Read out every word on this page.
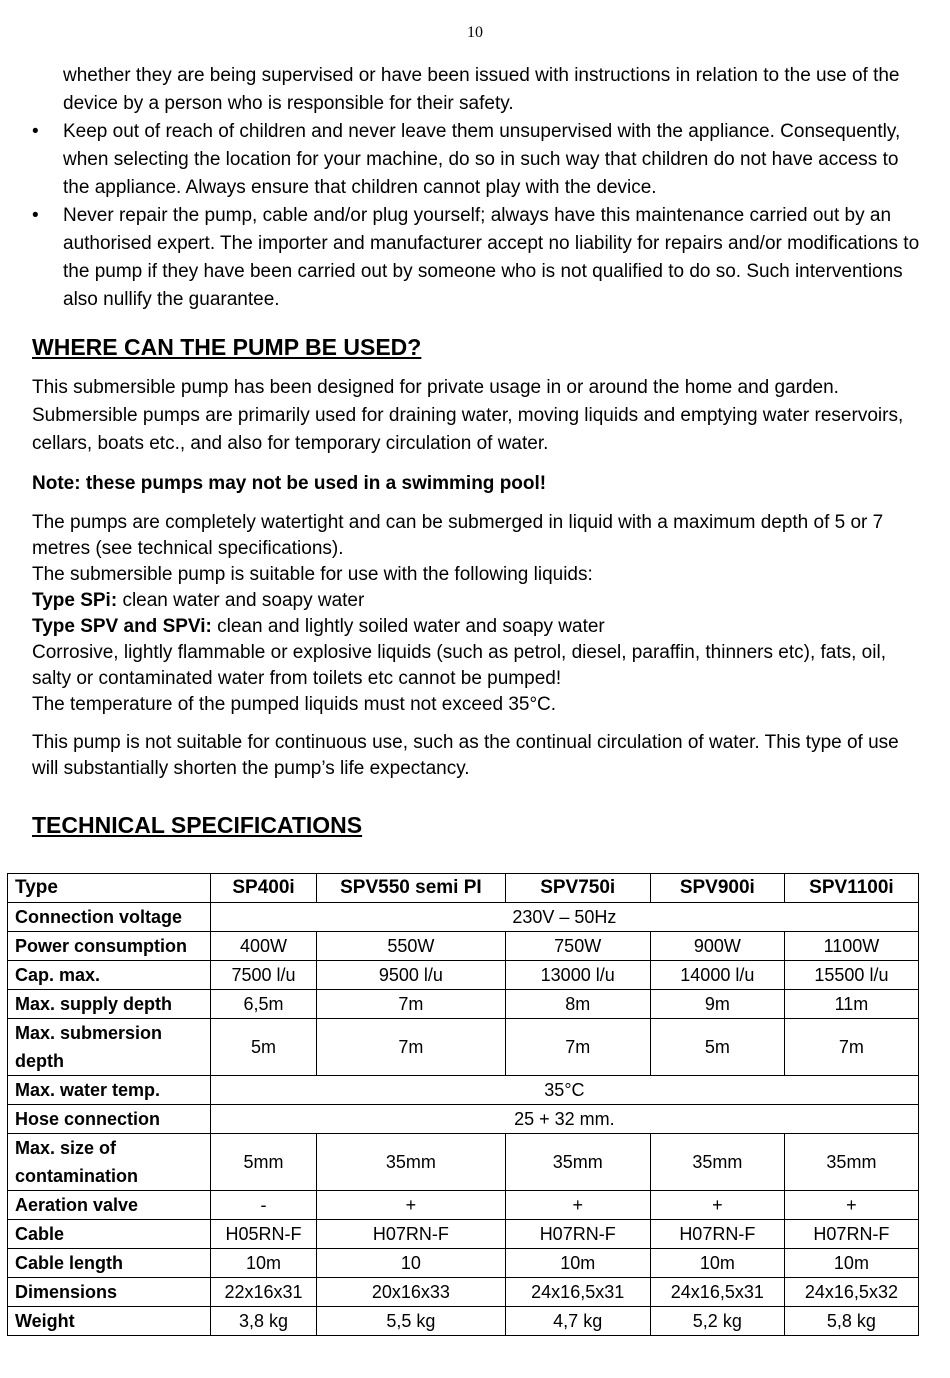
10

whether they are being supervised or have been issued with instructions in relation to the use of the device by a person who is responsible for their safety.

• Keep out of reach of children and never leave them unsupervised with the appliance. Consequently, when selecting the location for your machine, do so in such way that children do not have access to the appliance. Always ensure that children cannot play with the device.
• Never repair the pump, cable and/or plug yourself; always have this maintenance carried out by an authorised expert. The importer and manufacturer accept no liability for repairs and/or modifications to the pump if they have been carried out by someone who is not qualified to do so. Such interventions also nullify the guarantee.
WHERE CAN THE PUMP BE USED?

This submersible pump has been designed for private usage in or around the home and garden. Submersible pumps are primarily used for draining water, moving liquids and emptying water reservoirs, cellars, boats etc., and also for temporary circulation of water.

Note: these pumps may not be used in a swimming pool!

The pumps are completely watertight and can be submerged in liquid with a maximum depth of 5 or 7 metres (see technical specifications).

The submersible pump is suitable for use with the following liquids:

Type SPi: clean water and soapy water

Type SPV and SPVi: clean and lightly soiled water and soapy water

Corrosive, lightly flammable or explosive liquids (such as petrol, diesel, paraffin, thinners etc), fats, oil, salty or contaminated water from toilets etc cannot be pumped!

The temperature of the pumped liquids must not exceed 35°C.

This pump is not suitable for continuous use, such as the continual circulation of water. This type of use will substantially shorten the pump’s life expectancy.

TECHNICAL SPECIFICATIONS
Type	SP400i	SPV550 semi PI	SPV750i	SPV900i	SPV1100i
Connection voltage	230V – 50Hz				
Power consumption	400W	550W	750W	900W	1100W
Cap. max.	7500 l/u	9500 l/u	13000 l/u	14000 l/u	15500 l/u
Max. supply depth	6,5m	7m	8m	9m	11m
Max. submersion depth	5m	7m	7m	5m	7m
Max. water temp.	35°C				
Hose connection	25 + 32 mm.				
Max. size of contamination	5mm	35mm	35mm	35mm	35mm
Aeration valve	-	+	+	+	+
Cable	H05RN-F	H07RN-F	H07RN-F	H07RN-F	H07RN-F
Cable length	10m	10	10m	10m	10m
Dimensions	22x16x31	20x16x33	24x16,5x31	24x16,5x31	24x16,5x32
Weight	3,8 kg	5,5 kg	4,7 kg	5,2 kg	5,8 kg
